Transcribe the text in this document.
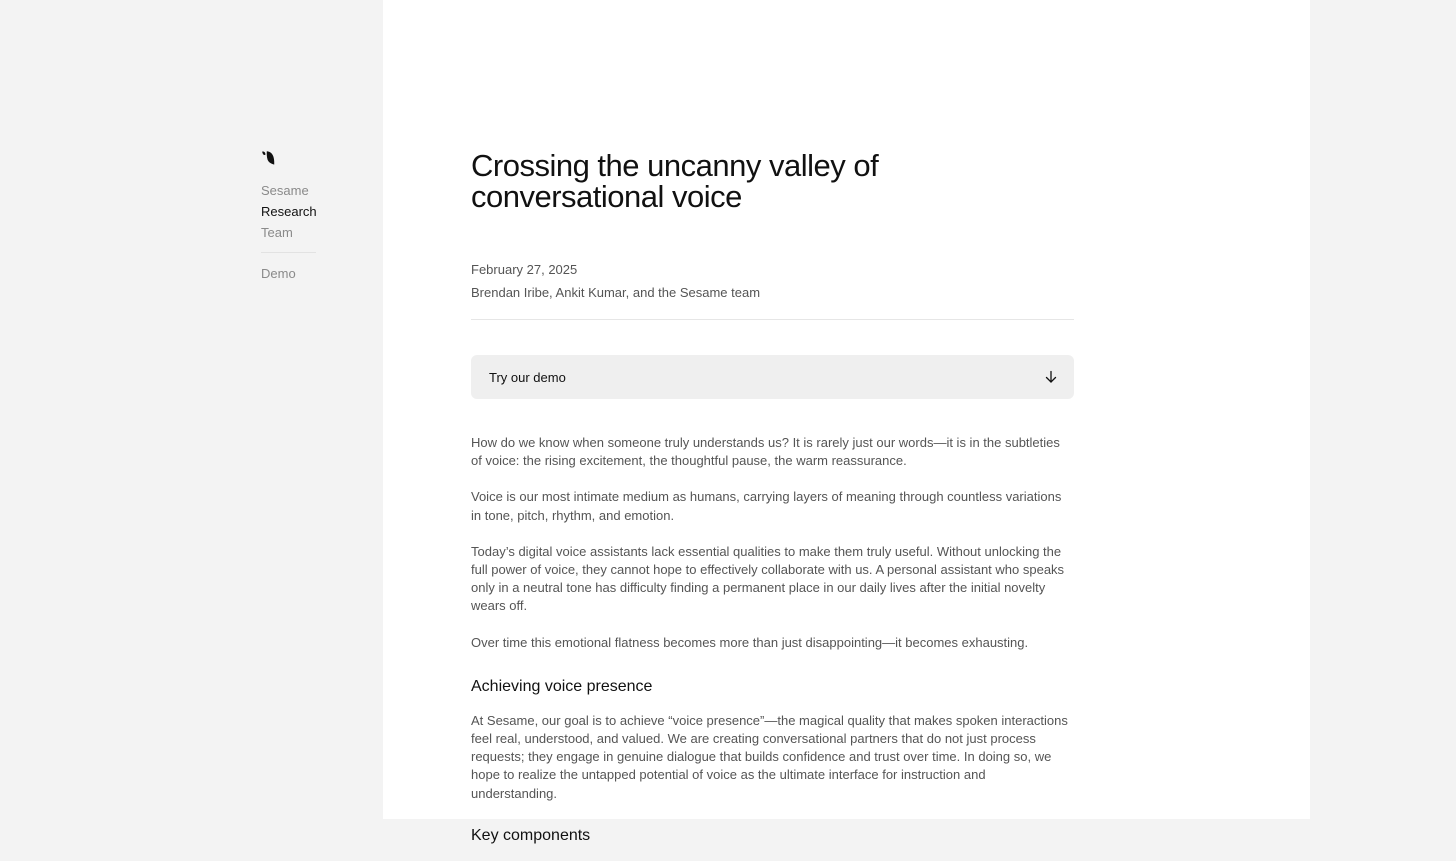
Sesame
Research
Team
Demo
Crossing the uncanny valley of conversational voice
February 27, 2025
Brendan Iribe, Ankit Kumar, and the Sesame team
Try our demo

How do we know when someone truly understands us? It is rarely just our words—it is in the subtleties of voice: the rising excitement, the thoughtful pause, the warm reassurance.

Voice is our most intimate medium as humans, carrying layers of meaning through countless variations in tone, pitch, rhythm, and emotion.

Today’s digital voice assistants lack essential qualities to make them truly useful. Without unlocking the full power of voice, they cannot hope to effectively collaborate with us. A personal assistant who speaks only in a neutral tone has difficulty finding a permanent place in our daily lives after the initial novelty wears off.

Over time this emotional flatness becomes more than just disappointing—it becomes exhausting.

Achieving voice presence

At Sesame, our goal is to achieve “voice presence”—the magical quality that makes spoken interactions feel real, understood, and valued. We are creating conversational partners that do not just process requests; they engage in genuine dialogue that builds confidence and trust over time. In doing so, we hope to realize the untapped potential of voice as the ultimate interface for instruction and understanding.

Key components
